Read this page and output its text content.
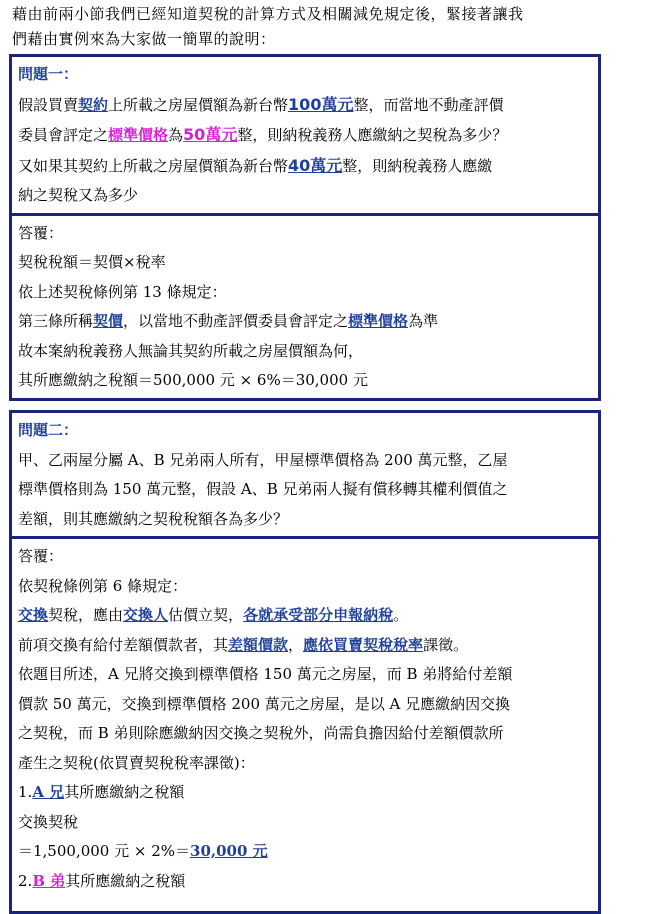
藉由前兩小節我們已經知道契稅的計算方式及相關減免規定後，緊接著讓我
們藉由實例來為大家做一簡單的說明：
問題一：
假設買賣契約上所載之房屋價額為新台幣100萬元整，而當地不動產評價
委員會評定之標準價格為50萬元整，則納稅義務人應繳納之契稅為多少？
又如果其契約上所載之房屋價額為新台幣40萬元整，則納稅義務人應繳
納之契稅又為多少
答覆：
契稅稅額＝契價×稅率
依上述契稅條例第 13 條規定：
第三條所稱契價，以當地不動產評價委員會評定之標準價格為準
故本案納稅義務人無論其契約所載之房屋價額為何，
其所應繳納之稅額＝500,000 元 × 6%＝30,000 元
問題二：
甲、乙兩屋分屬 A、B 兄弟兩人所有，甲屋標準價格為 200 萬元整，乙屋
標準價格則為 150 萬元整，假設 A、B 兄弟兩人擬有償移轉其權利價值之
差額，則其應繳納之契稅稅額各為多少？
答覆：
依契稅條例第 6 條規定：
交換契稅，應由交換人估價立契，各就承受部分申報納稅。
前項交換有給付差額價款者，其差額價款，應依買賣契稅稅率課徵。
依題目所述，A 兄將交換到標準價格 150 萬元之房屋，而 B 弟將給付差額
價款 50 萬元，交換到標準價格 200 萬元之房屋，是以 A 兄應繳納因交換
之契稅，而 B 弟則除應繳納因交換之契稅外，尚需負擔因給付差額價款所
產生之契稅(依買賣契稅稅率課徵)：
1.A 兄其所應繳納之稅額
交換契稅
＝1,500,000 元 × 2%＝30,000 元
2.B 弟其所應繳納之稅額
